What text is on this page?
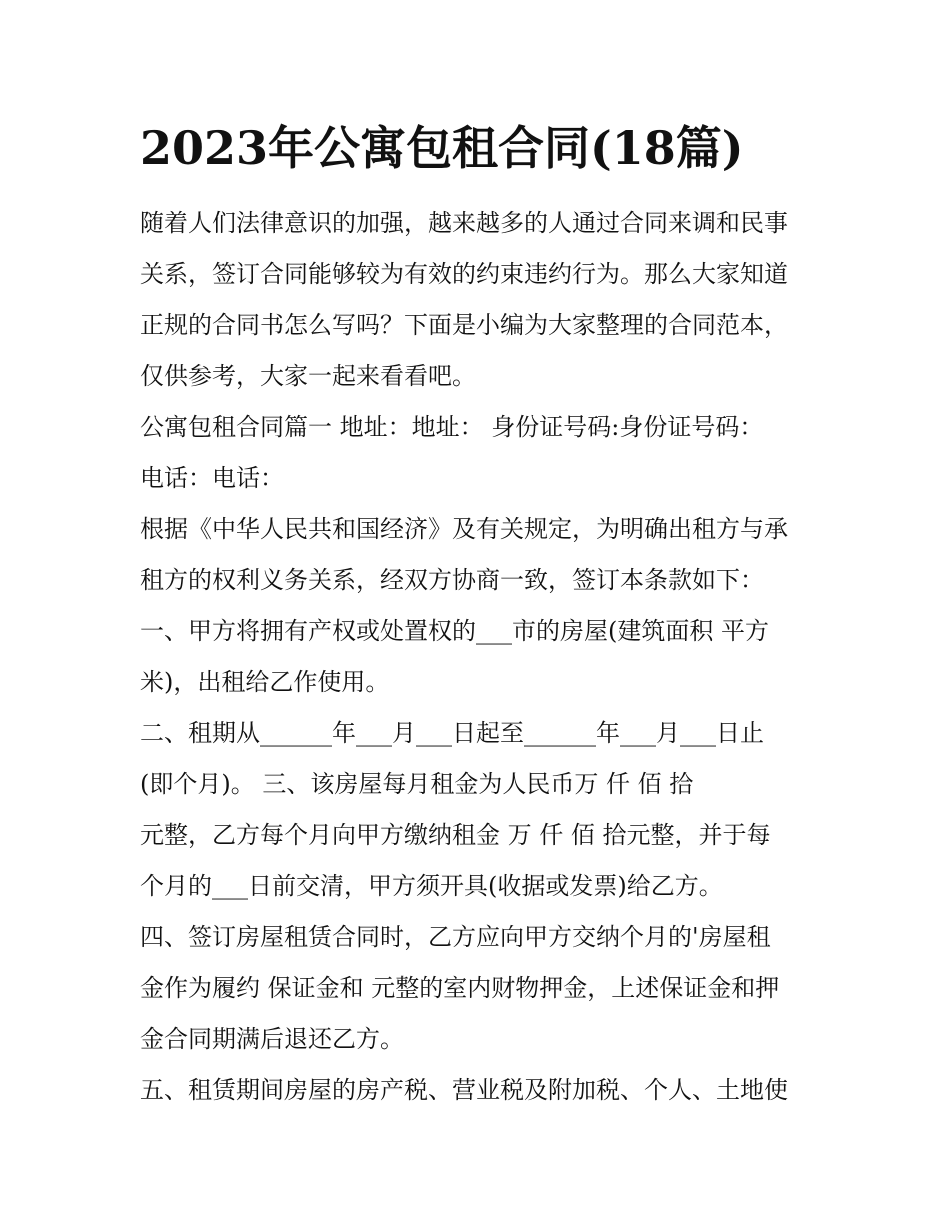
2023年公寓包租合同(18篇)
随着人们法律意识的加强，越来越多的人通过合同来调和民事
关系，签订合同能够较为有效的约束违约行为。那么大家知道
正规的合同书怎么写吗？下面是小编为大家整理的合同范本，
仅供参考，大家一起来看看吧。
公寓包租合同篇一 地址：地址： 身份证号码:身份证号码：
电话：电话：
根据《中华人民共和国经济》及有关规定，为明确出租方与承
租方的权利义务关系，经双方协商一致，签订本条款如下：
一、甲方将拥有产权或处置权的___市的房屋(建筑面积 平方
米)，出租给乙作使用。
二、租期从______年___月___日起至______年___月___日止
(即个月)。 三、该房屋每月租金为人民币万 仟 佰 拾
元整，乙方每个月向甲方缴纳租金 万 仟 佰 拾元整，并于每
个月的___日前交清，甲方须开具(收据或发票)给乙方。
四、签订房屋租赁合同时，乙方应向甲方交纳个月的'房屋租
金作为履约 保证金和 元整的室内财物押金，上述保证金和押
金合同期满后退还乙方。
五、租赁期间房屋的房产税、营业税及附加税、个人、土地使
